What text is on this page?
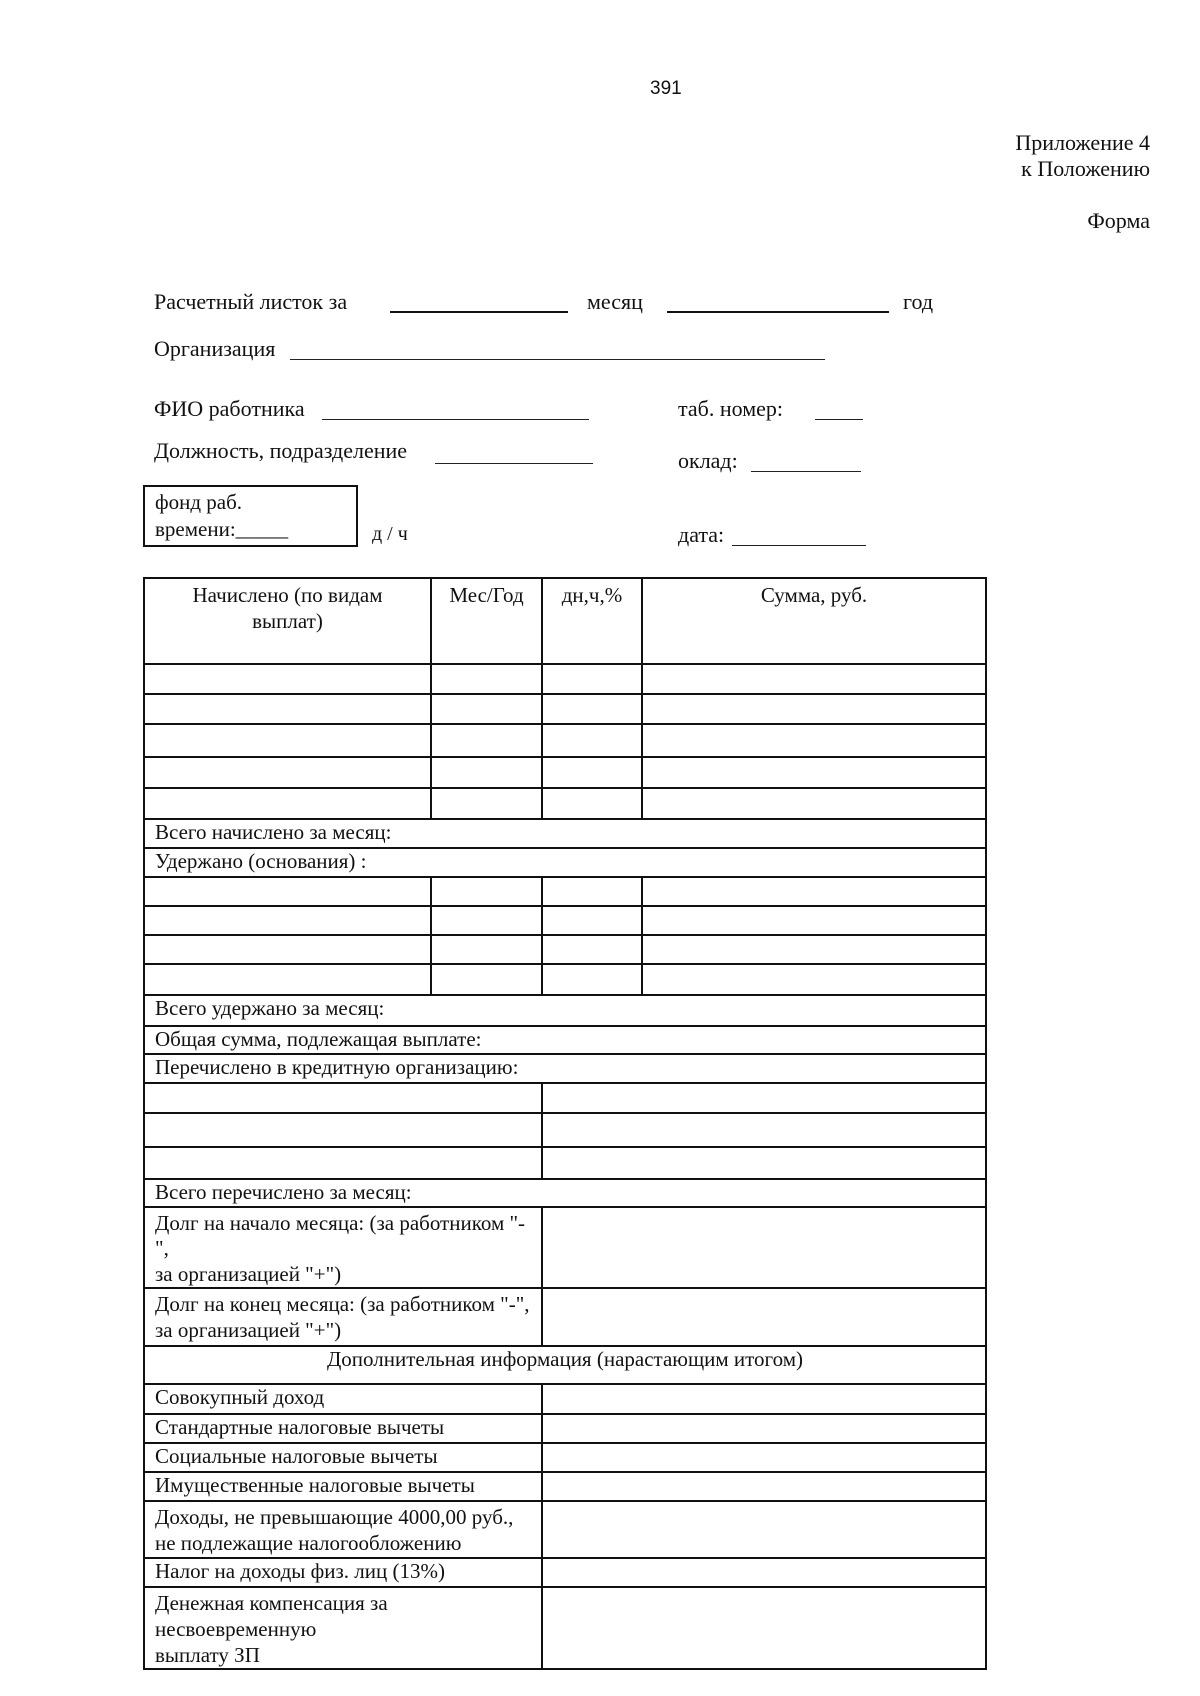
391
Приложение 4
к Положению
Форма
Расчетный листок за	месяц	год
Организация
ФИО работника	таб. номер:
Должность, подразделение	оклад:
фонд раб.
времени:_____	д / ч	дата:
Начислено (по видам выплат)	Мес/Год	дн,ч,%	Сумма, руб.

Всего начислено за месяц:			
Удержано (основания) :			

Всего удержано за месяц:			
Общая сумма, подлежащая выплате:			
Перечислено в кредитную организацию:			

Всего перечислено за месяц:			

Долг на начало месяца: (за работником "-",
за организацией "+")			

Долг на конец месяца: (за работником "-",
за организацией "+")			

Дополнительная информация (нарастающим итогом)			
Совокупный доход			
Стандартные налоговые вычеты			
Социальные налоговые вычеты			
Имущественные налоговые вычеты			

Доходы, не превышающие 4000,00 руб.,
не подлежащие налогообложению			

Налог на доходы физ. лиц (13%)			

Денежная компенсация за несвоевременную
выплату ЗП			
